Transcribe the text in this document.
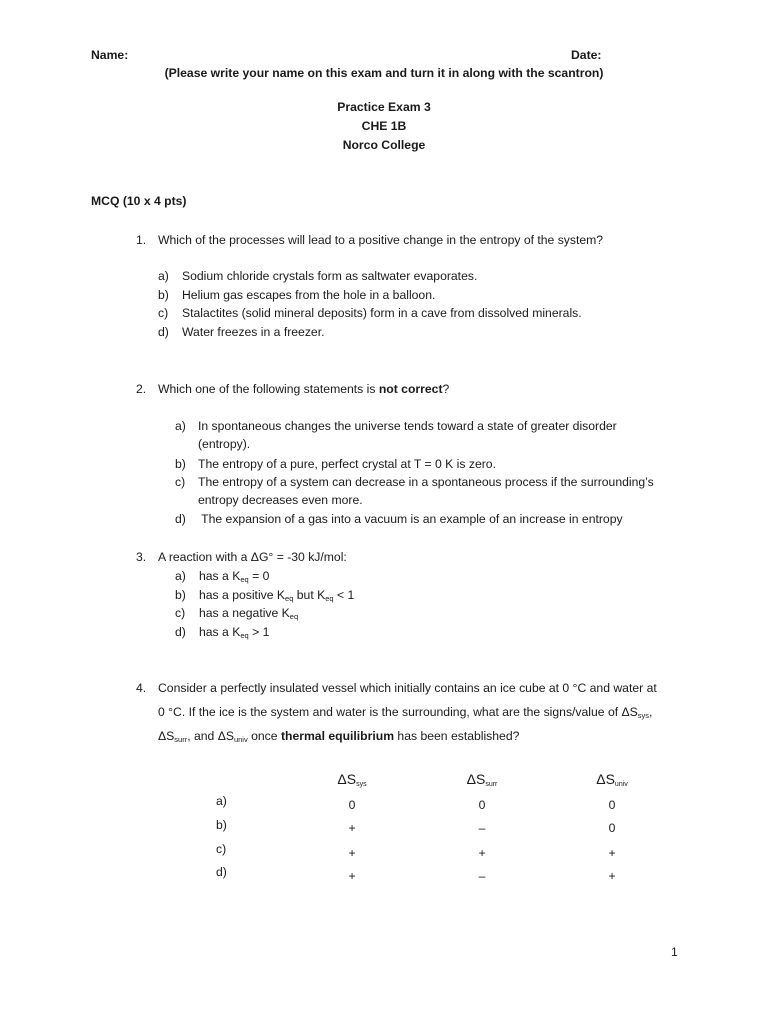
Name:	Date:
(Please write your name on this exam and turn it in along with the scantron)
Practice Exam 3
CHE 1B
Norco College
MCQ (10 x 4 pts)
1. Which of the processes will lead to a positive change in the entropy of the system?
a) Sodium chloride crystals form as saltwater evaporates.
b) Helium gas escapes from the hole in a balloon.
c) Stalactites (solid mineral deposits) form in a cave from dissolved minerals.
d) Water freezes in a freezer.
2. Which one of the following statements is not correct?
a) In spontaneous changes the universe tends toward a state of greater disorder
(entropy).
b) The entropy of a pure, perfect crystal at T = 0 K is zero.
c) The entropy of a system can decrease in a spontaneous process if the surrounding’s
entropy decreases even more.
d) The expansion of a gas into a vacuum is an example of an increase in entropy
3. A reaction with a ΔG° = -30 kJ/mol:
a) has a $K_{eq} = 0$
b) has a positive $K_{eq}$ but $K_{eq} < 1$
c) has a negative $K_{eq}$
d) has a $K_{eq} > 1$
4. Consider a perfectly insulated vessel which initially contains an ice cube at 0 °C and water at
0 °C. If the ice is the system and water is the surrounding, what are the signs/value of $\Delta S_{sys}$,
$\Delta S_{surr}$, and $\Delta S_{univ}$ once thermal equilibrium has been established?
$\Delta S_{sys}$	$\Delta S_{surr}$	$\Delta S_{univ}$
a)	0	0	0
b)	+	–	0
c)	+	+	+
d)	+	–	+
1
